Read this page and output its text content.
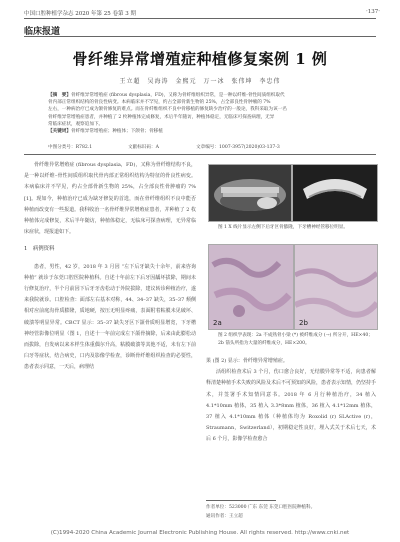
中国口腔种植学杂志 2020 年第 25 卷第 3 期	·137·
临床报道
骨纤维异常增殖症种植修复案例 1 例
王立超　吴海涛　金熙元　万一冰　张伟坤　李忠伟
【摘　要】骨纤维异常增殖症 (fibrous dysplasia，FD)，又称为骨纤维组织异常，是一种以纤维-骨性间质组织取代
骨内部正常组织结构的骨良性病变。本病临床并不罕见，约占全部骨新生物的 25%，占全部良性骨肿瘤的 7%
左右，一种病治疗已成为颌骨修复的难点。而在骨纤维组织不良中骨移植的修复缺少治疗的一般论，我科采取为该一名
骨纤维异常增殖症患者，并种植了 2 枚种植体完成修复，术后半年随访，种植体稳定，无临床可探查病理，无异
常临床症状，观察追加下。
【关键词】骨纤维异常增殖症；种植体；下颌骨；骨移植
中图分类号：R782.1	文献标识码：A	文章编号：1007-3957(2020)03-137-3

骨纤维异常增殖症 (fibrous dysplasia，FD)，又称为骨纤维结构不良，是一种以纤维–骨性间质组织取代骨内部正常组织结构为特征的骨良性病变。本病临床并不罕见，约占全部骨新生物的 25%，占全部良性骨肿瘤的 7% [1]。现如今，种植治疗已成为缺牙修复的首选，而在骨纤维组织不良中能否种植而改变有一些报道。我科收治一名骨纤维异常增殖症患者，并种植了 2 枚种植体完成修复，术后半年随访，种植体稳定，无临床可探查病理，无异常临床症状，现报道如下。

1　病例资料

患者，男性，42 岁，2018 年 3 月因 “左下后牙缺失十余年，前来咨询种植” 就诊于东莞口腔医院种植科。自述十年前左下后牙因龋坏拔除，期间未行修复治疗，半个月前因下后牙牙齿松动于外院拔除，建议转诊种植治疗，遂来我院就诊。口腔检查：面部左右基本对称，44、34–37 缺失，35–37 颊侧相对应前庭沟骨质膨隆，质地硬，按压无明显疼痛，表面附着粘膜未见破坏、破溃等明显异常。CBCT 显示：35–37 缺失牙区下颌骨质明显增宽，下牙槽神经管影像位明显（图 1，自述十一年前完成左下颌骨摘除，后来由此膨松动而拔除，自发病以来本样生体重偶尔升高，粘膜破溃等其他不适，未有左下前臼牙等症状，结合病史，口内及影像学检查，诊断骨纤维组织检查的必要性，患者表示同意，一天后，病理结

图 1 X 线片显示左侧下后牙区骨膨隆，下牙槽神经管移位明显。
2a	2b
图 2 组织学表现：2a 不成熟骨小梁 (*) 被纤维成分 (→) 所分开，HE×40；2b 箭头所指为大量的纤维成分，HE×200。
果 (图 2) 显示：骨纤维异常增殖症。

活组织检查术后 3 个月，伤口愈合良好，无结膜异常等不适，向患者解释清楚种植手术失败的风险及术后不可预知的风险，患者表示知情，仍坚持手术，并签署手术知情同意书。2018 年 6 月行种植治疗，34 植入 4.1*10mm 植体，35 植入 3.3*8mm 植体，36 植入 4.1*12mm 植体，37 植入 4.1*10mm 植体（种植体均为 Roxolid (r) SLActive (r)，Straumann，Switzerland），初期稳定性良好，埋入式关于术后七天，术后 6 个月，影像学检查愈合

作者单位：523000 广东 东莞 东莞口腔医院种植科。
通讯作者：王立超
(C)1994-2020 China Academic Journal Electronic Publishing House. All rights reserved. http://www.cnki.net
